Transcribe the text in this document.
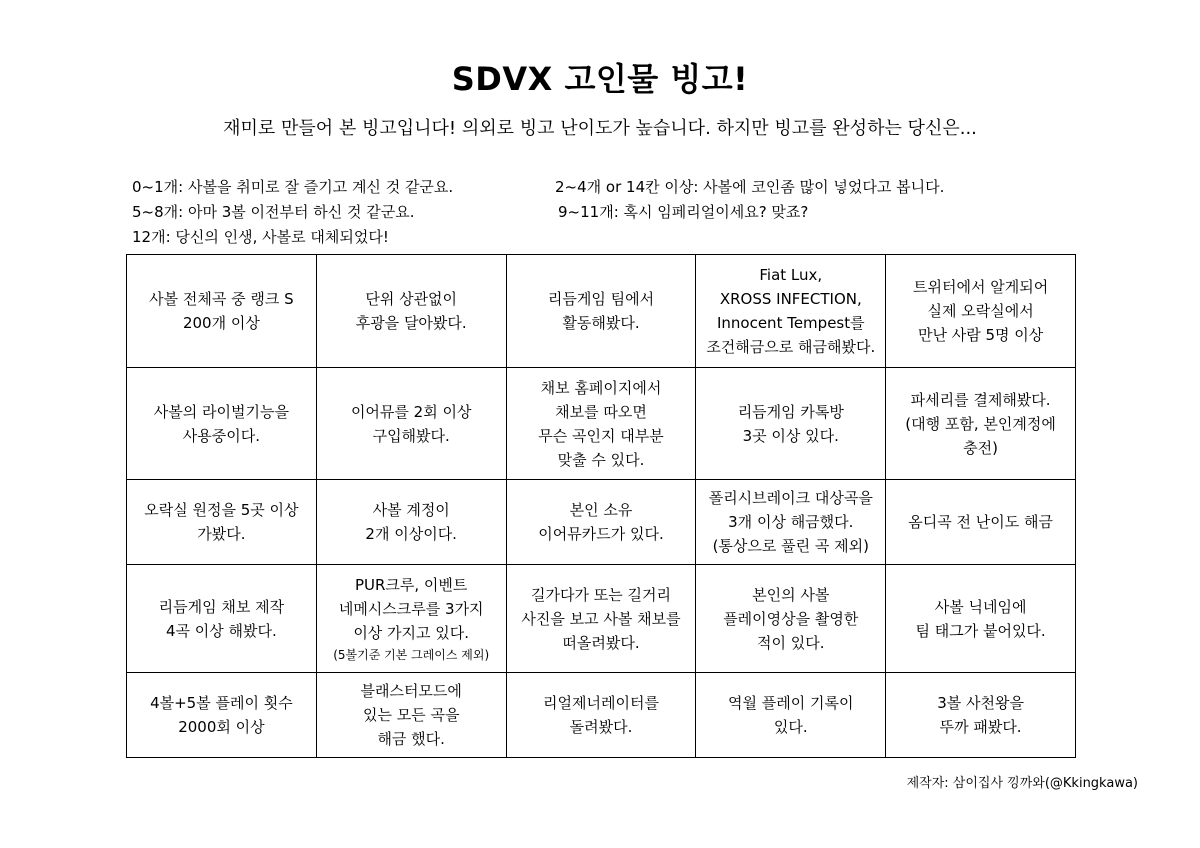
SDVX 고인물 빙고!
재미로 만들어 본 빙고입니다! 의외로 빙고 난이도가 높습니다. 하지만 빙고를 완성하는 당신은...
0~1개: 사볼을 취미로 잘 즐기고 계신 것 같군요.	2~4개 or 14칸 이상: 사볼에 코인좀 많이 넣었다고 봅니다.
5~8개: 아마 3볼 이전부터 하신 것 같군요.	9~11개: 혹시 임페리얼이세요? 맞죠?
12개: 당신의 인생, 사볼로 대체되었다!
사볼 전체곡 중 랭크 S
200개 이상	단위 상관없이
후광을 달아봤다.	리듬게임 팀에서
활동해봤다.	Fiat Lux,
XROSS INFECTION,
Innocent Tempest를
조건해금으로 해금해봤다.	트위터에서 알게되어
실제 오락실에서
만난 사람 5명 이상

사볼의 라이벌기능을
사용중이다.	이어뮤를 2회 이상
구입해봤다.	채보 홈페이지에서
채보를 따오면
무슨 곡인지 대부분
맞출 수 있다.	리듬게임 카톡방
3곳 이상 있다.	파세리를 결제해봤다.
(대행 포함, 본인계정에
충전)

오락실 원정을 5곳 이상
가봤다.	사볼 계정이
2개 이상이다.	본인 소유
이어뮤카드가 있다.	폴리시브레이크 대상곡을
3개 이상 해금했다.
(통상으로 풀린 곡 제외)	옴디곡 전 난이도 해금

리듬게임 채보 제작
4곡 이상 해봤다.	PUR크루, 이벤트
네메시스크루를 3가지
이상 가지고 있다.
(5볼기준 기본 그레이스 제외)	길가다가 또는 길거리
사진을 보고 사볼 채보를
떠올려봤다.	본인의 사볼
플레이영상을 촬영한
적이 있다.	사볼 닉네임에
팀 태그가 붙어있다.

4볼+5볼 플레이 횟수
2000회 이상	블래스터모드에
있는 모든 곡을
해금 했다.	리얼제너레이터를
돌려봤다.	역월 플레이 기록이
있다.	3볼 사천왕을
뚜까 패봤다.
제작자: 삼이집사 낑까와(@Kkingkawa)
